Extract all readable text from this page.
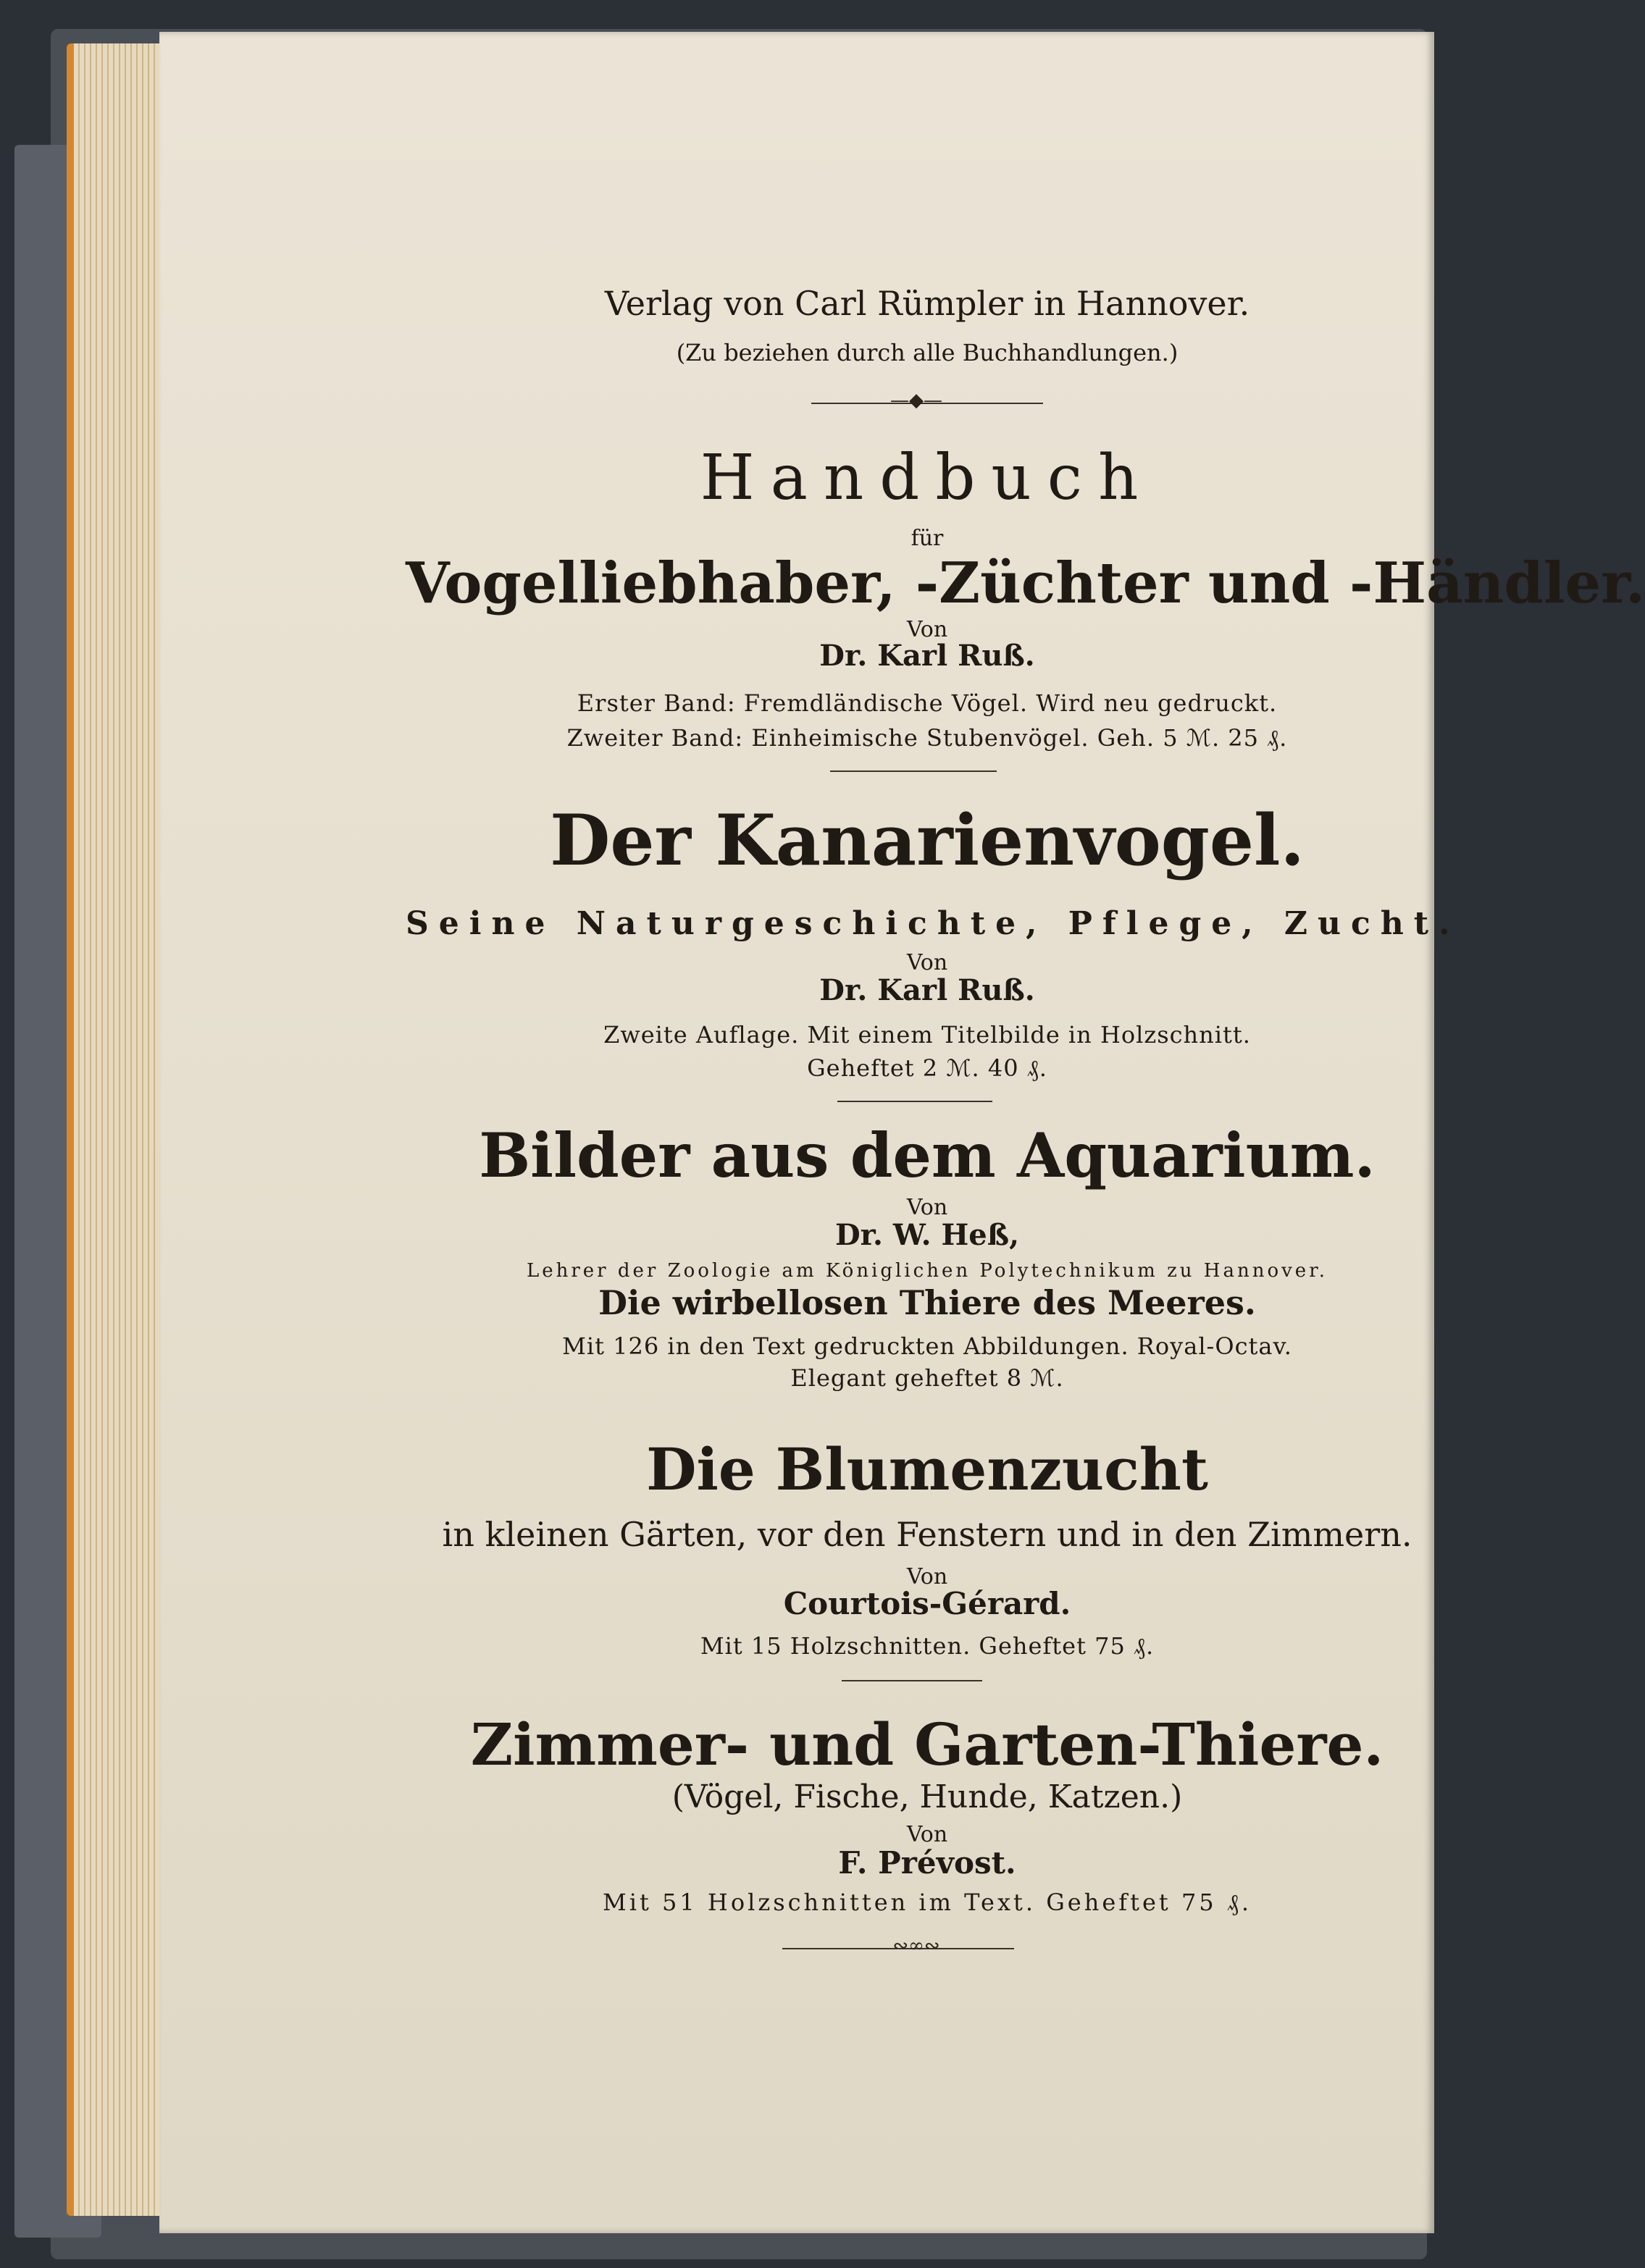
Verlag von Carl Rümpler in Hannover.
(Zu beziehen durch alle Buchhandlungen.)
—◆—
Handbuch
für
Vogelliebhaber, -Züchter und -Händler.
Von
Dr. Karl Ruß.
Erster Band: Fremdländische Vögel. Wird neu gedruckt.
Zweiter Band: Einheimische Stubenvögel. Geh. 5 ℳ. 25 ₰.
Der Kanarienvogel.
Seine Naturgeschichte, Pflege, Zucht.
Von
Dr. Karl Ruß.
Zweite Auflage. Mit einem Titelbilde in Holzschnitt.
Geheftet 2 ℳ. 40 ₰.
Bilder aus dem Aquarium.
Von
Dr. W. Heß,
Lehrer der Zoologie am Königlichen Polytechnikum zu Hannover.
Die wirbellosen Thiere des Meeres.
Mit 126 in den Text gedruckten Abbildungen. Royal-Octav.
Elegant geheftet 8 ℳ.
Die Blumenzucht
in kleinen Gärten, vor den Fenstern und in den Zimmern.
Von
Courtois-Gérard.
Mit 15 Holzschnitten. Geheftet 75 ₰.
Zimmer- und Garten-Thiere.
(Vögel, Fische, Hunde, Katzen.)
Von
F. Prévost.
Mit 51 Holzschnitten im Text. Geheftet 75 ₰.
∾∞∾
